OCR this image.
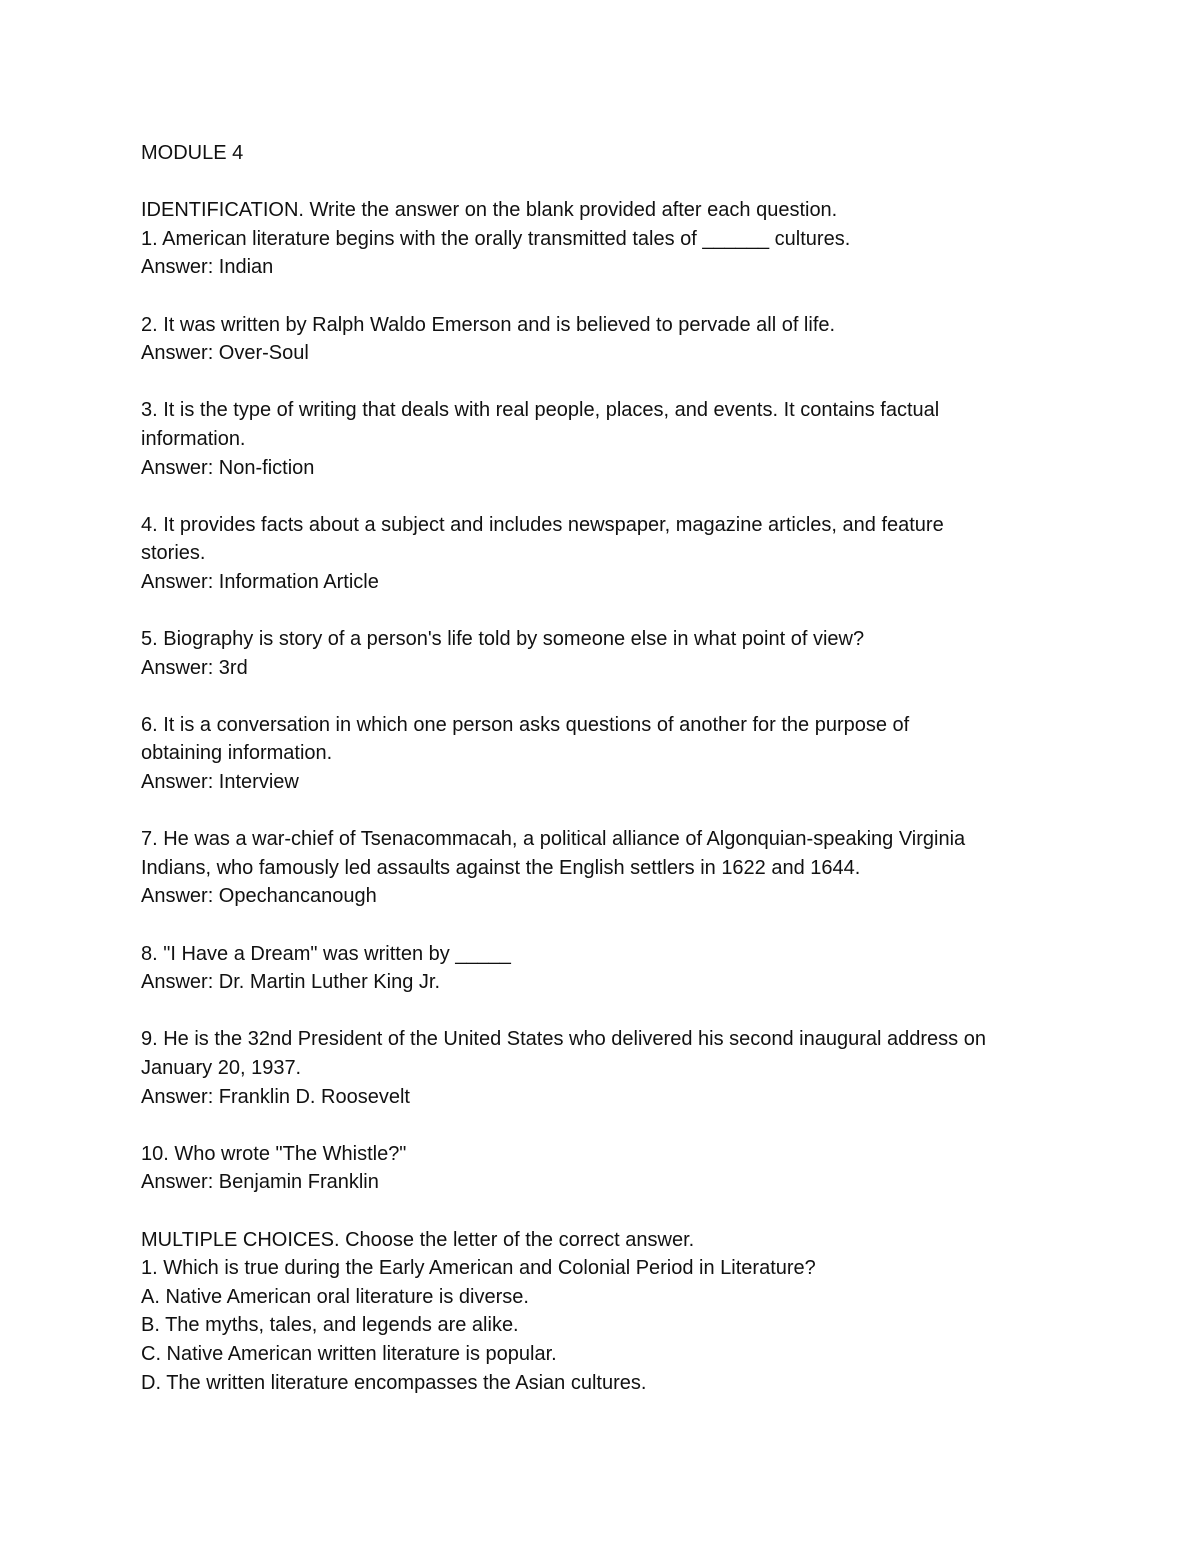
MODULE 4
IDENTIFICATION. Write the answer on the blank provided after each question.
1. American literature begins with the orally transmitted tales of ______ cultures.
Answer: Indian
2. It was written by Ralph Waldo Emerson and is believed to pervade all of life.
Answer: Over-Soul
3. It is the type of writing that deals with real people, places, and events. It contains factual
information.
Answer: Non-fiction
4. It provides facts about a subject and includes newspaper, magazine articles, and feature
stories.
Answer: Information Article
5. Biography is story of a person's life told by someone else in what point of view?
Answer: 3rd
6. It is a conversation in which one person asks questions of another for the purpose of
obtaining information.
Answer: Interview
7. He was a war-chief of Tsenacommacah, a political alliance of Algonquian-speaking Virginia
Indians, who famously led assaults against the English settlers in 1622 and 1644.
Answer: Opechancanough
8. "I Have a Dream" was written by _____
Answer: Dr. Martin Luther King Jr.
9. He is the 32nd President of the United States who delivered his second inaugural address on
January 20, 1937.
Answer: Franklin D. Roosevelt
10. Who wrote "The Whistle?"
Answer: Benjamin Franklin
MULTIPLE CHOICES. Choose the letter of the correct answer.
1. Which is true during the Early American and Colonial Period in Literature?
A. Native American oral literature is diverse.
B. The myths, tales, and legends are alike.
C. Native American written literature is popular.
D. The written literature encompasses the Asian cultures.
